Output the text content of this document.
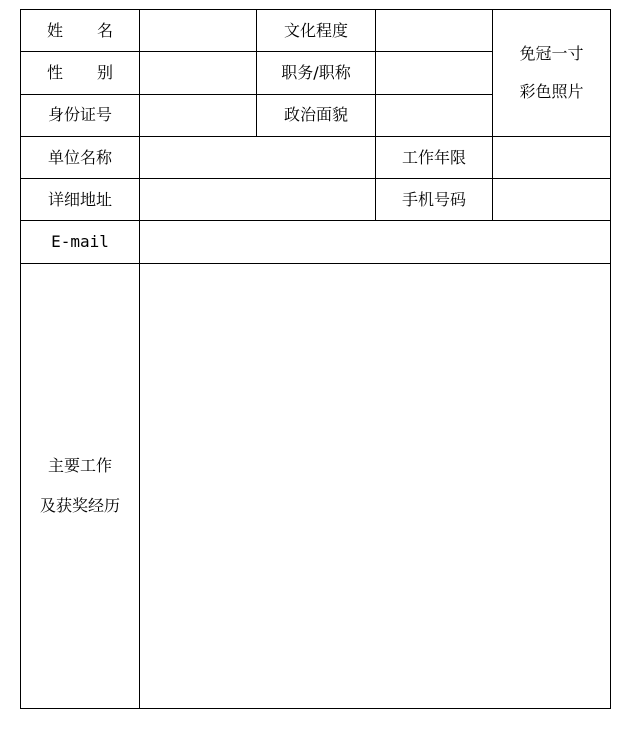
姓 名		文化程度		免冠一寸
彩色照片

性 别		职务/职称		
身份证号		政治面貌		
单位名称			工作年限	
详细地址			手机号码	
E-mail				

主要工作
及获奖经历				
